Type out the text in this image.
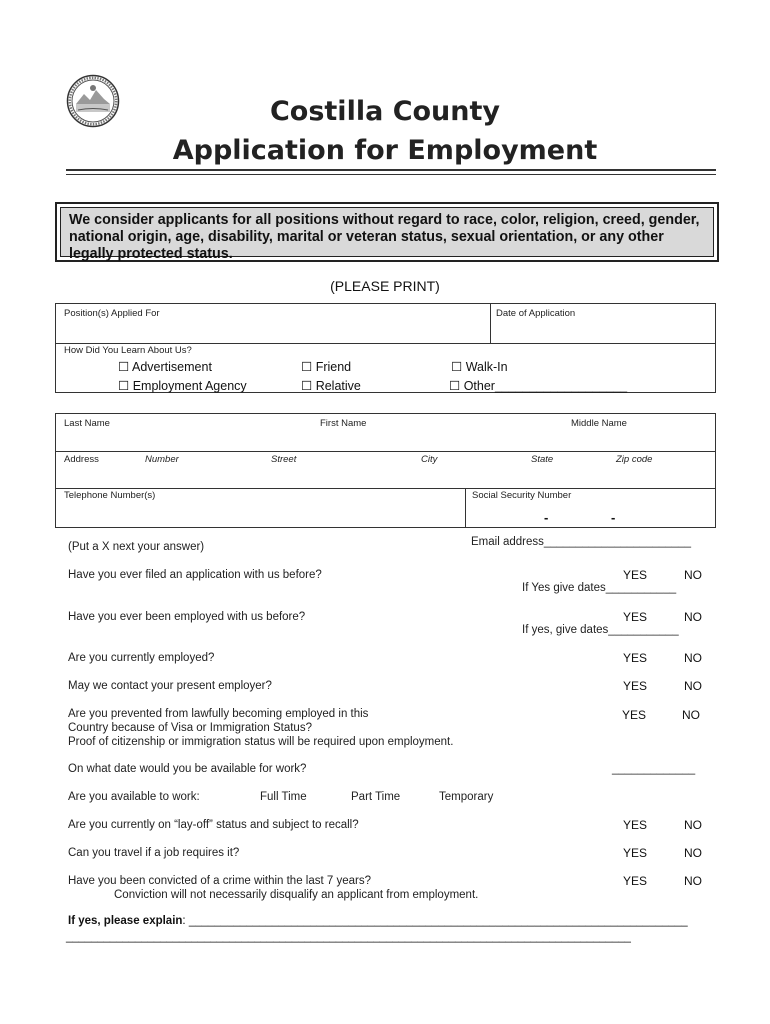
Costilla County
Application for Employment
We consider applicants for all positions without regard to race, color, religion, creed, gender, national origin, age, disability, marital or veteran status, sexual orientation, or any other legally protected status.
(PLEASE PRINT)
Position(s) Applied For	Date of Application
How Did You Learn About Us?
☐ Advertisement	☐ Friend	☐ Walk-In
☐ Employment Agency	☐ Relative	☐ Other___________________
Last Name	First Name	Middle Name
Address	Number	Street	City	State	Zip code
Telephone Number(s)	Social Security Number
-	-
(Put a X next your answer)	Email address_______________________
Have you ever filed an application with us before?	YES	NO
If Yes give dates___________
Have you ever been employed with us before?	YES	NO
If yes, give dates___________
Are you currently employed?	YES	NO
May we contact your present employer?	YES	NO
Are you prevented from lawfully becoming employed in this
Country because of Visa or Immigration Status?
Proof of citizenship or immigration status will be required upon employment.
YES	NO
On what date would you be available for work?	_____________
Are you available to work:	Full Time	Part Time	Temporary
Are you currently on “lay-off” status and subject to recall?	YES	NO
Can you travel if a job requires it?	YES	NO
Have you been convicted of a crime within the last 7 years?
Conviction will not necessarily disqualify an applicant from employment.
YES	NO
If yes, please explain: ______________________________________________________________________________
__________________________________________________________________________________________
